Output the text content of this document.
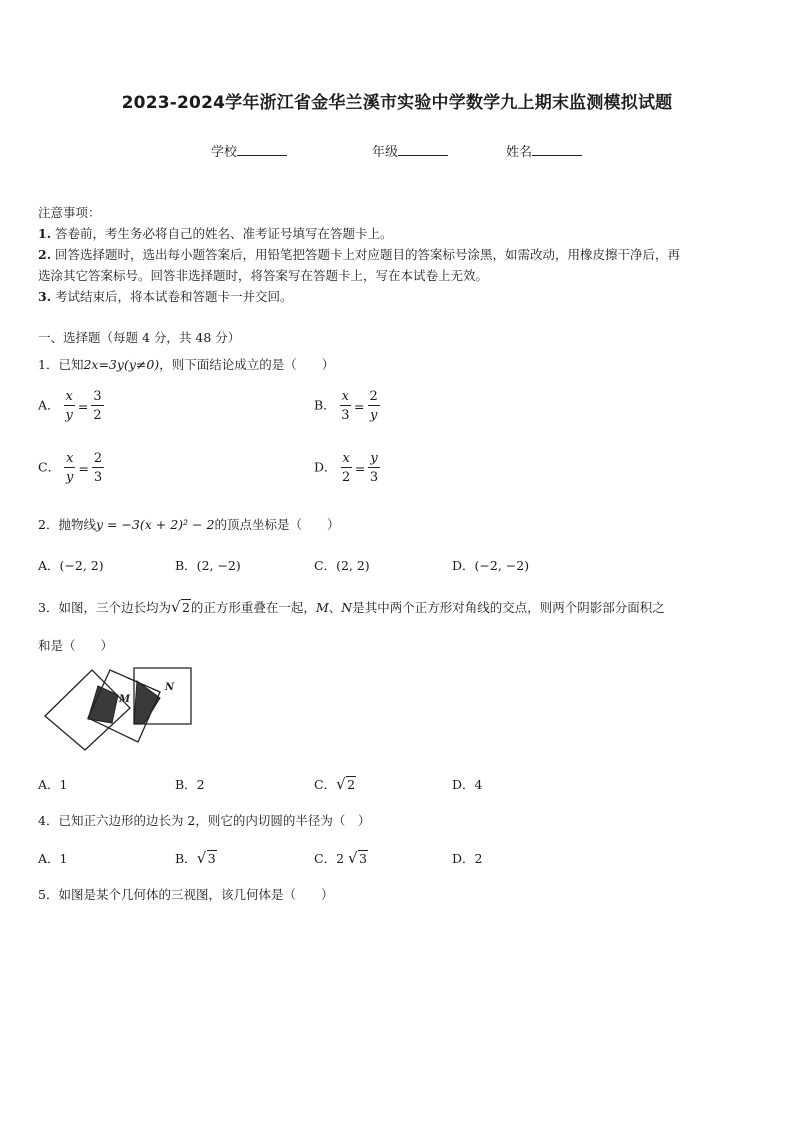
2023-2024学年浙江省金华兰溪市实验中学数学九上期末监测模拟试题
学校	年级	姓名
注意事项：
1. 答卷前，考生务必将自己的姓名、准考证号填写在答题卡上。
2. 回答选择题时，选出每小题答案后，用铅笔把答题卡上对应题目的答案标号涂黑，如需改动，用橡皮擦干净后，再
选涂其它答案标号。回答非选择题时，将答案写在答题卡上，写在本试卷上无效。
3. 考试结束后，将本试卷和答题卡一并交回。
一、选择题（每题 4 分，共 48 分）
1．已知2x=3y(y≠0)，则下面结论成立的是（　　）
A． $\frac{x}{y} = \frac{3}{2}$	B． $\frac{x}{3} = \frac{2}{y}$
C． $\frac{x}{y} = \frac{2}{3}$	D． $\frac{x}{2} = \frac{y}{3}$
2．抛物线y = −3(x + 2)² − 2的顶点坐标是（　　）
A．(−2, 2)	B．(2, −2)	C．(2, 2)	D．(−2, −2)
3．如图，三个边长均为 √ 2的正方形重叠在一起，M、N是其中两个正方形对角线的交点，则两个阴影部分面积之
和是（　　）
M
N
A．1	B．2	C． √ 2	D．4
4．已知正六边形的边长为 2，则它的内切圆的半径为（　）
A．1	B． √ 3	C．2 √ 3	D．2
5．如图是某个几何体的三视图，该几何体是（　　）
